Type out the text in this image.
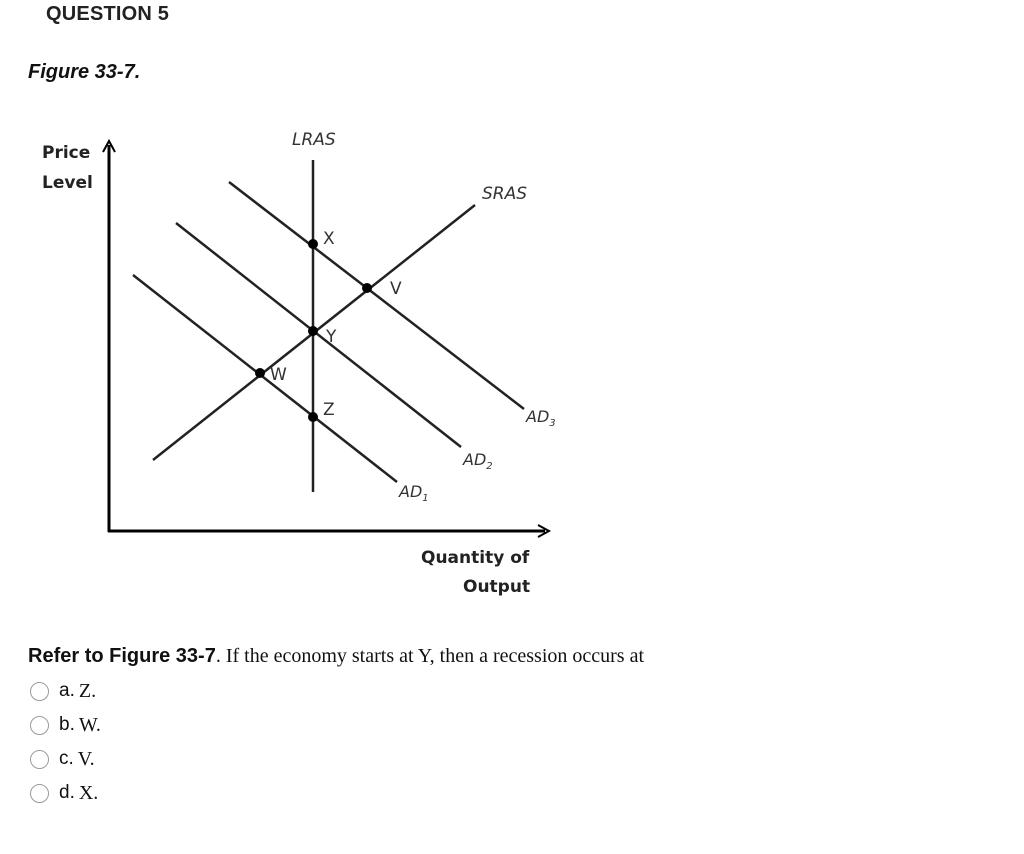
QUESTION 5
Figure 33-7.
Price
Level
Quantity of
Output
LRAS
SRAS
$AD_1$
$AD_2$
$AD_3$
X
V
Y
W
Z
Refer to Figure 33-7. If the economy starts at Y, then a recession occurs at
a. Z.
b. W.
c. V.
d. X.
